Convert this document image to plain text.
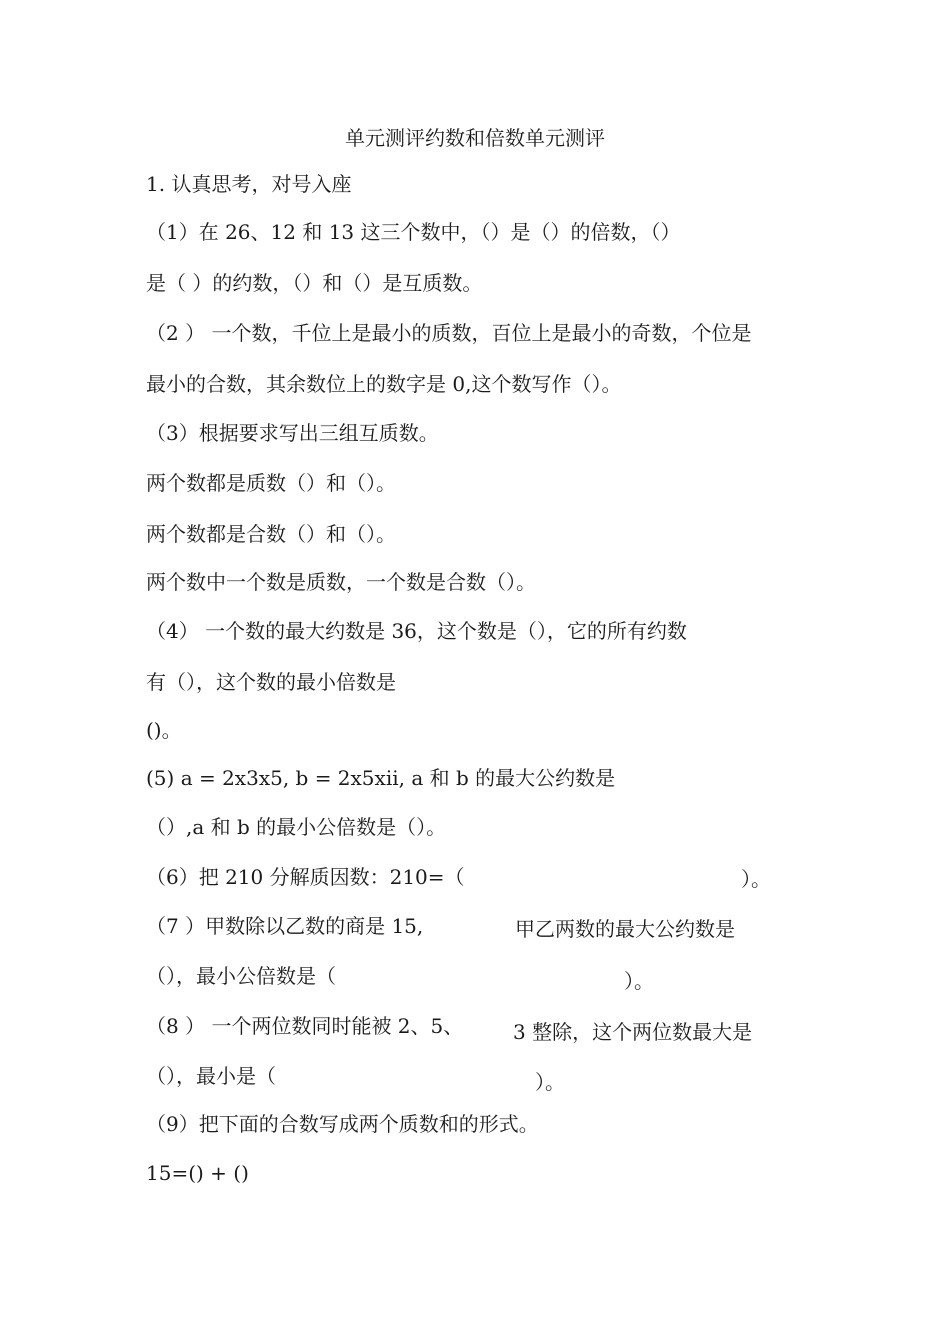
单元测评约数和倍数单元测评
1. 认真思考，对号入座
（1）在 26、12 和 13 这三个数中，（）是（）的倍数，（）
是（ ）的约数，（）和（）是互质数。
（2 ） 一个数，千位上是最小的质数，百位上是最小的奇数，个位是
最小的合数，其余数位上的数字是 0,这个数写作（）。
（3）根据要求写出三组互质数。
两个数都是质数（）和（）。
两个数都是合数（）和（）。
两个数中一个数是质数，一个数是合数（）。
（4） 一个数的最大约数是 36，这个数是（），它的所有约数
有（），这个数的最小倍数是
()。
(5) a = 2x3x5, b = 2x5xii, a 和 b 的最大公约数是
（）,a 和 b 的最小公倍数是（）。
（6）把 210 分解质因数：210=（	）。
（7 ）甲数除以乙数的商是 15,	甲乙两数的最大公约数是
（），最小公倍数是（	）。
（8 ） 一个两位数同时能被 2、5、 3 整除，这个两位数最大是
（），最小是（	）。
（9）把下面的合数写成两个质数和的形式。
15=() + ()
